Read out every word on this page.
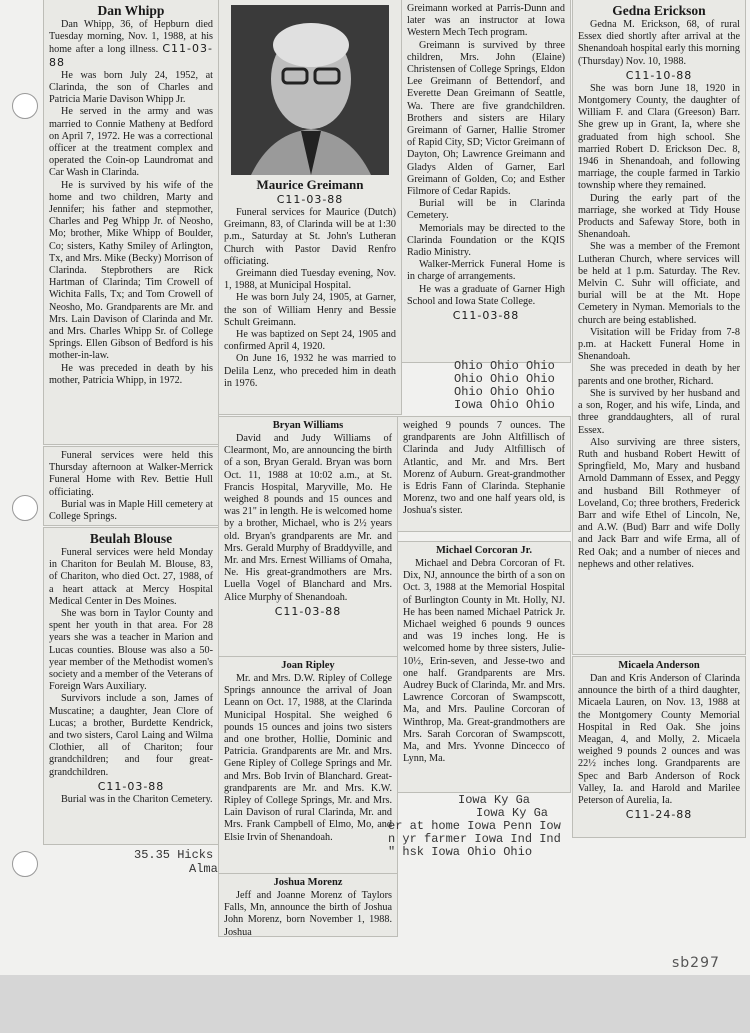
Dan Whipp

Dan Whipp, 36, of Hepburn died Tuesday morning, Nov. 1, 1988, at his home after a long illness. C11-03-88

He was born July 24, 1952, at Clarinda, the son of Charles and Patricia Marie Davison Whipp Jr.

He served in the army and was married to Connie Matheny at Bedford on April 7, 1972. He was a correctional officer at the treatment complex and operated the Coin-op Laundromat and Car Wash in Clarinda.

He is survived by his wife of the home and two children, Marty and Jennifer; his father and stepmother, Charles and Peg Whipp Jr. of Neosho, Mo; brother, Mike Whipp of Boulder, Co; sisters, Kathy Smiley of Arlington, Tx, and Mrs. Mike (Becky) Morrison of Clarinda. Stepbrothers are Rick Hartman of Clarinda; Tim Crowell of Wichita Falls, Tx; and Tom Crowell of Neosho, Mo. Grandparents are Mr. and Mrs. Lain Davison of Clarinda and Mr. and Mrs. Charles Whipp Sr. of College Springs. Ellen Gibson of Bedford is his mother-in-law.

He was preceded in death by his mother, Patricia Whipp, in 1972.

Funeral services were held this Thursday afternoon at Walker-Merrick Funeral Home with Rev. Bettie Hull officiating.

Burial was in Maple Hill cemetery at College Springs.

Beulah Blouse

Funeral services were held Monday in Chariton for Beulah M. Blouse, 83, of Chariton, who died Oct. 27, 1988, of a heart attack at Mercy Hospital Medical Center in Des Moines.

She was born in Taylor County and spent her youth in that area. For 28 years she was a teacher in Marion and Lucas counties. Blouse was also a 50-year member of the Methodist women's society and a member of the Veterans of Foreign Wars Auxiliary.

Survivors include a son, James of Muscatine; a daughter, Jean Clore of Lucas; a brother, Burdette Kendrick, and two sisters, Carol Laing and Wilma Clothier, all of Chariton; four grandchildren; and four great-grandchildren.

C11-03-88

Burial was in the Chariton Cemetery.

35.35 Hicks
Alma
Maurice Greimann
C11-03-88

Funeral services for Maurice (Dutch) Greimann, 83, of Clarinda will be at 1:30 p.m., Saturday at St. John's Lutheran Church with Pastor David Renfro officiating.

Greimann died Tuesday evening, Nov. 1, 1988, at Municipal Hospital.

He was born July 24, 1905, at Garner, the son of William Henry and Bessie Schult Greimann.

He was baptized on Sept 24, 1905 and confirmed April 4, 1920.

On June 16, 1932 he was married to Delila Lenz, who preceded him in death in 1976.

Greimann worked at Parris-Dunn and later was an instructor at Iowa Western Mech Tech program.

Greimann is survived by three children, Mrs. John (Elaine) Christensen of College Springs, Eldon Lee Greimann of Bettendorf, and Everette Dean Greimann of Seattle, Wa. There are five grandchildren. Brothers and sisters are Hilary Greimann of Garner, Hallie Stromer of Rapid City, SD; Victor Greimann of Dayton, Oh; Lawrence Greimann and Gladys Alden of Garner, Earl Greimann of Golden, Co; and Esther Filmore of Cedar Rapids.

Burial will be in Clarinda Cemetery.

Memorials may be directed to the Clarinda Foundation or the KQIS Radio Ministry.

Walker-Merrick Funeral Home is in charge of arrangements.

He was a graduate of Garner High School and Iowa State College.

C11-03-88
Ohio Ohio Ohio
Ohio Ohio Ohio
Ohio Ohio Ohio
Iowa Ohio Ohio
Bryan Williams

David and Judy Williams of Clearmont, Mo, are announcing the birth of a son, Bryan Gerald. Bryan was born Oct. 11, 1988 at 10:02 a.m., at St. Francis Hospital, Maryville, Mo. He weighed 8 pounds and 15 ounces and was 21" in length. He is welcomed home by a brother, Michael, who is 2½ years old. Bryan's grandparents are Mr. and Mrs. Gerald Murphy of Braddyville, and Mr. and Mrs. Ernest Williams of Omaha, Ne. His great-grandmothers are Mrs. Luella Vogel of Blanchard and Mrs. Alice Murphy of Shenandoah.

C11-03-88
Joan Ripley

Mr. and Mrs. D.W. Ripley of College Springs announce the arrival of Joan Leann on Oct. 17, 1988, at the Clarinda Municipal Hospital. She weighed 6 pounds 15 ounces and joins two sisters and one brother, Hollie, Dominic and Patricia. Grandparents are Mr. and Mrs. Gene Ripley of College Springs and Mr. and Mrs. Bob Irvin of Blanchard. Great-grandparents are Mr. and Mrs. K.W. Ripley of College Springs, Mr. and Mrs. Lain Davison of rural Clarinda, Mr. and Mrs. Frank Campbell of Elmo, Mo, and Elsie Irvin of Shenandoah.

Joshua Morenz

Jeff and Joanne Morenz of Taylors Falls, Mn, announce the birth of Joshua John Morenz, born November 1, 1988. Joshua

weighed 9 pounds 7 ounces. The grandparents are John Altfillisch of Clarinda and Judy Altfillisch of Atlantic, and Mr. and Mrs. Bert Morenz of Auburn. Great-grandmother is Edris Fann of Clarinda. Stephanie Morenz, two and one half years old, is Joshua's sister.

Michael Corcoran Jr.

Michael and Debra Corcoran of Ft. Dix, NJ, announce the birth of a son on Oct. 3, 1988 at the Memorial Hospital of Burlington County in Mt. Holly, NJ. He has been named Michael Patrick Jr. Michael weighed 6 pounds 9 ounces and was 19 inches long. He is welcomed home by three sisters, Julie-10½, Erin-seven, and Jesse-two and one half. Grandparents are Mrs. Audrey Buck of Clarinda, Mr. and Mrs. Lawrence Corcoran of Swampscott, Ma, and Mrs. Pauline Corcoran of Winthrop, Ma. Great-grandmothers are Mrs. Sarah Corcoran of Swampscott, Ma, and Mrs. Yvonne Dincecco of Lynn, Ma.

Iowa Ky Ga
Iowa Ky Ga
er at home Iowa Penn Iow
n yr farmer Iowa Ind Ind
" hsk Iowa Ohio Ohio
Gedna Erickson

Gedna M. Erickson, 68, of rural Essex died shortly after arrival at the Shenandoah hospital early this morning (Thursday) Nov. 10, 1988.

C11-10-88

She was born June 18, 1920 in Montgomery County, the daughter of William F. and Clara (Greeson) Barr. She grew up in Grant, Ia, where she graduated from high school. She married Robert D. Erickson Dec. 8, 1946 in Shenandoah, and following marriage, the couple farmed in Tarkio township where they remained.

During the early part of the marriage, she worked at Tidy House Products and Safeway Store, both in Shenandoah.

She was a member of the Fremont Lutheran Church, where services will be held at 1 p.m. Saturday. The Rev. Melvin C. Suhr will officiate, and burial will be at the Mt. Hope Cemetery in Nyman. Memorials to the church are being established.

Visitation will be Friday from 7-8 p.m. at Hackett Funeral Home in Shenandoah.

She was preceded in death by her parents and one brother, Richard.

She is survived by her husband and a son, Roger, and his wife, Linda, and three granddaughters, all of rural Essex.

Also surviving are three sisters, Ruth and husband Robert Hewitt of Springfield, Mo, Mary and husband Arnold Dammann of Essex, and Peggy and husband Bill Rothmeyer of Loveland, Co; three brothers, Frederick Barr and wife Ethel of Lincoln, Ne, and A.W. (Bud) Barr and wife Dolly and Jack Barr and wife Erma, all of Red Oak; and a number of nieces and nephews and other relatives.

Micaela Anderson

Dan and Kris Anderson of Clarinda announce the birth of a third daughter, Micaela Lauren, on Nov. 13, 1988 at the Montgomery County Memorial Hospital in Red Oak. She joins Meagan, 4, and Molly, 2. Micaela weighed 9 pounds 2 ounces and was 22½ inches long. Grandparents are Spec and Barb Anderson of Rock Valley, Ia. and Harold and Marilee Peterson of Aurelia, Ia.

C11-24-88
sb297
